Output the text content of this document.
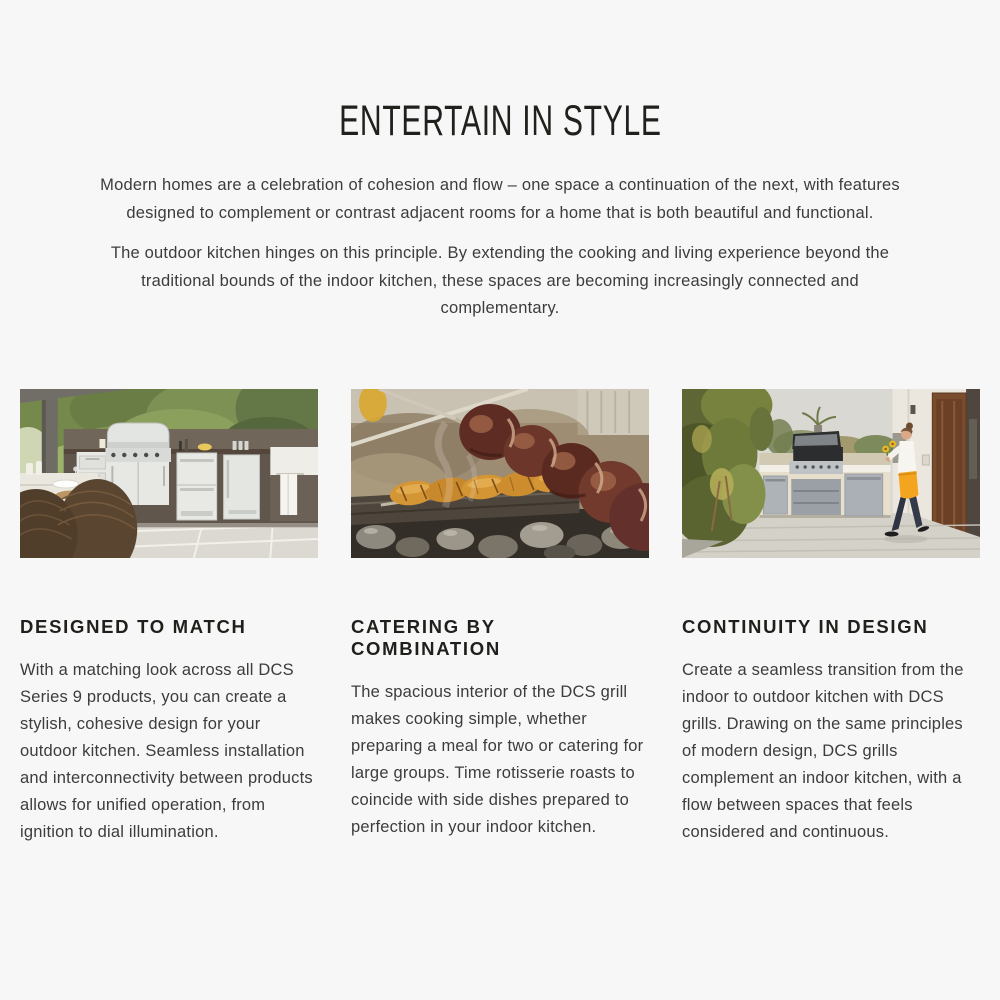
ENTERTAIN IN STYLE

Modern homes are a celebration of cohesion and flow – one space a continuation of the next, with features designed to complement or contrast adjacent rooms for a home that is both beautiful and functional.

The outdoor kitchen hinges on this principle. By extending the cooking and living experience beyond the traditional bounds of the indoor kitchen, these spaces are becoming increasingly connected and complementary.

DESIGNED TO MATCH

With a matching look across all DCS Series 9 products, you can create a stylish, cohesive design for your outdoor kitchen. Seamless installation and interconnectivity between products allows for unified operation, from ignition to dial illumination.

CATERING BY COMBINATION

The spacious interior of the DCS grill makes cooking simple, whether preparing a meal for two or catering for large groups. Time rotisserie roasts to coincide with side dishes prepared to perfection in your indoor kitchen.

CONTINUITY IN DESIGN

Create a seamless transition from the indoor to outdoor kitchen with DCS grills. Drawing on the same principles of modern design, DCS grills complement an indoor kitchen, with a flow between spaces that feels considered and continuous.
